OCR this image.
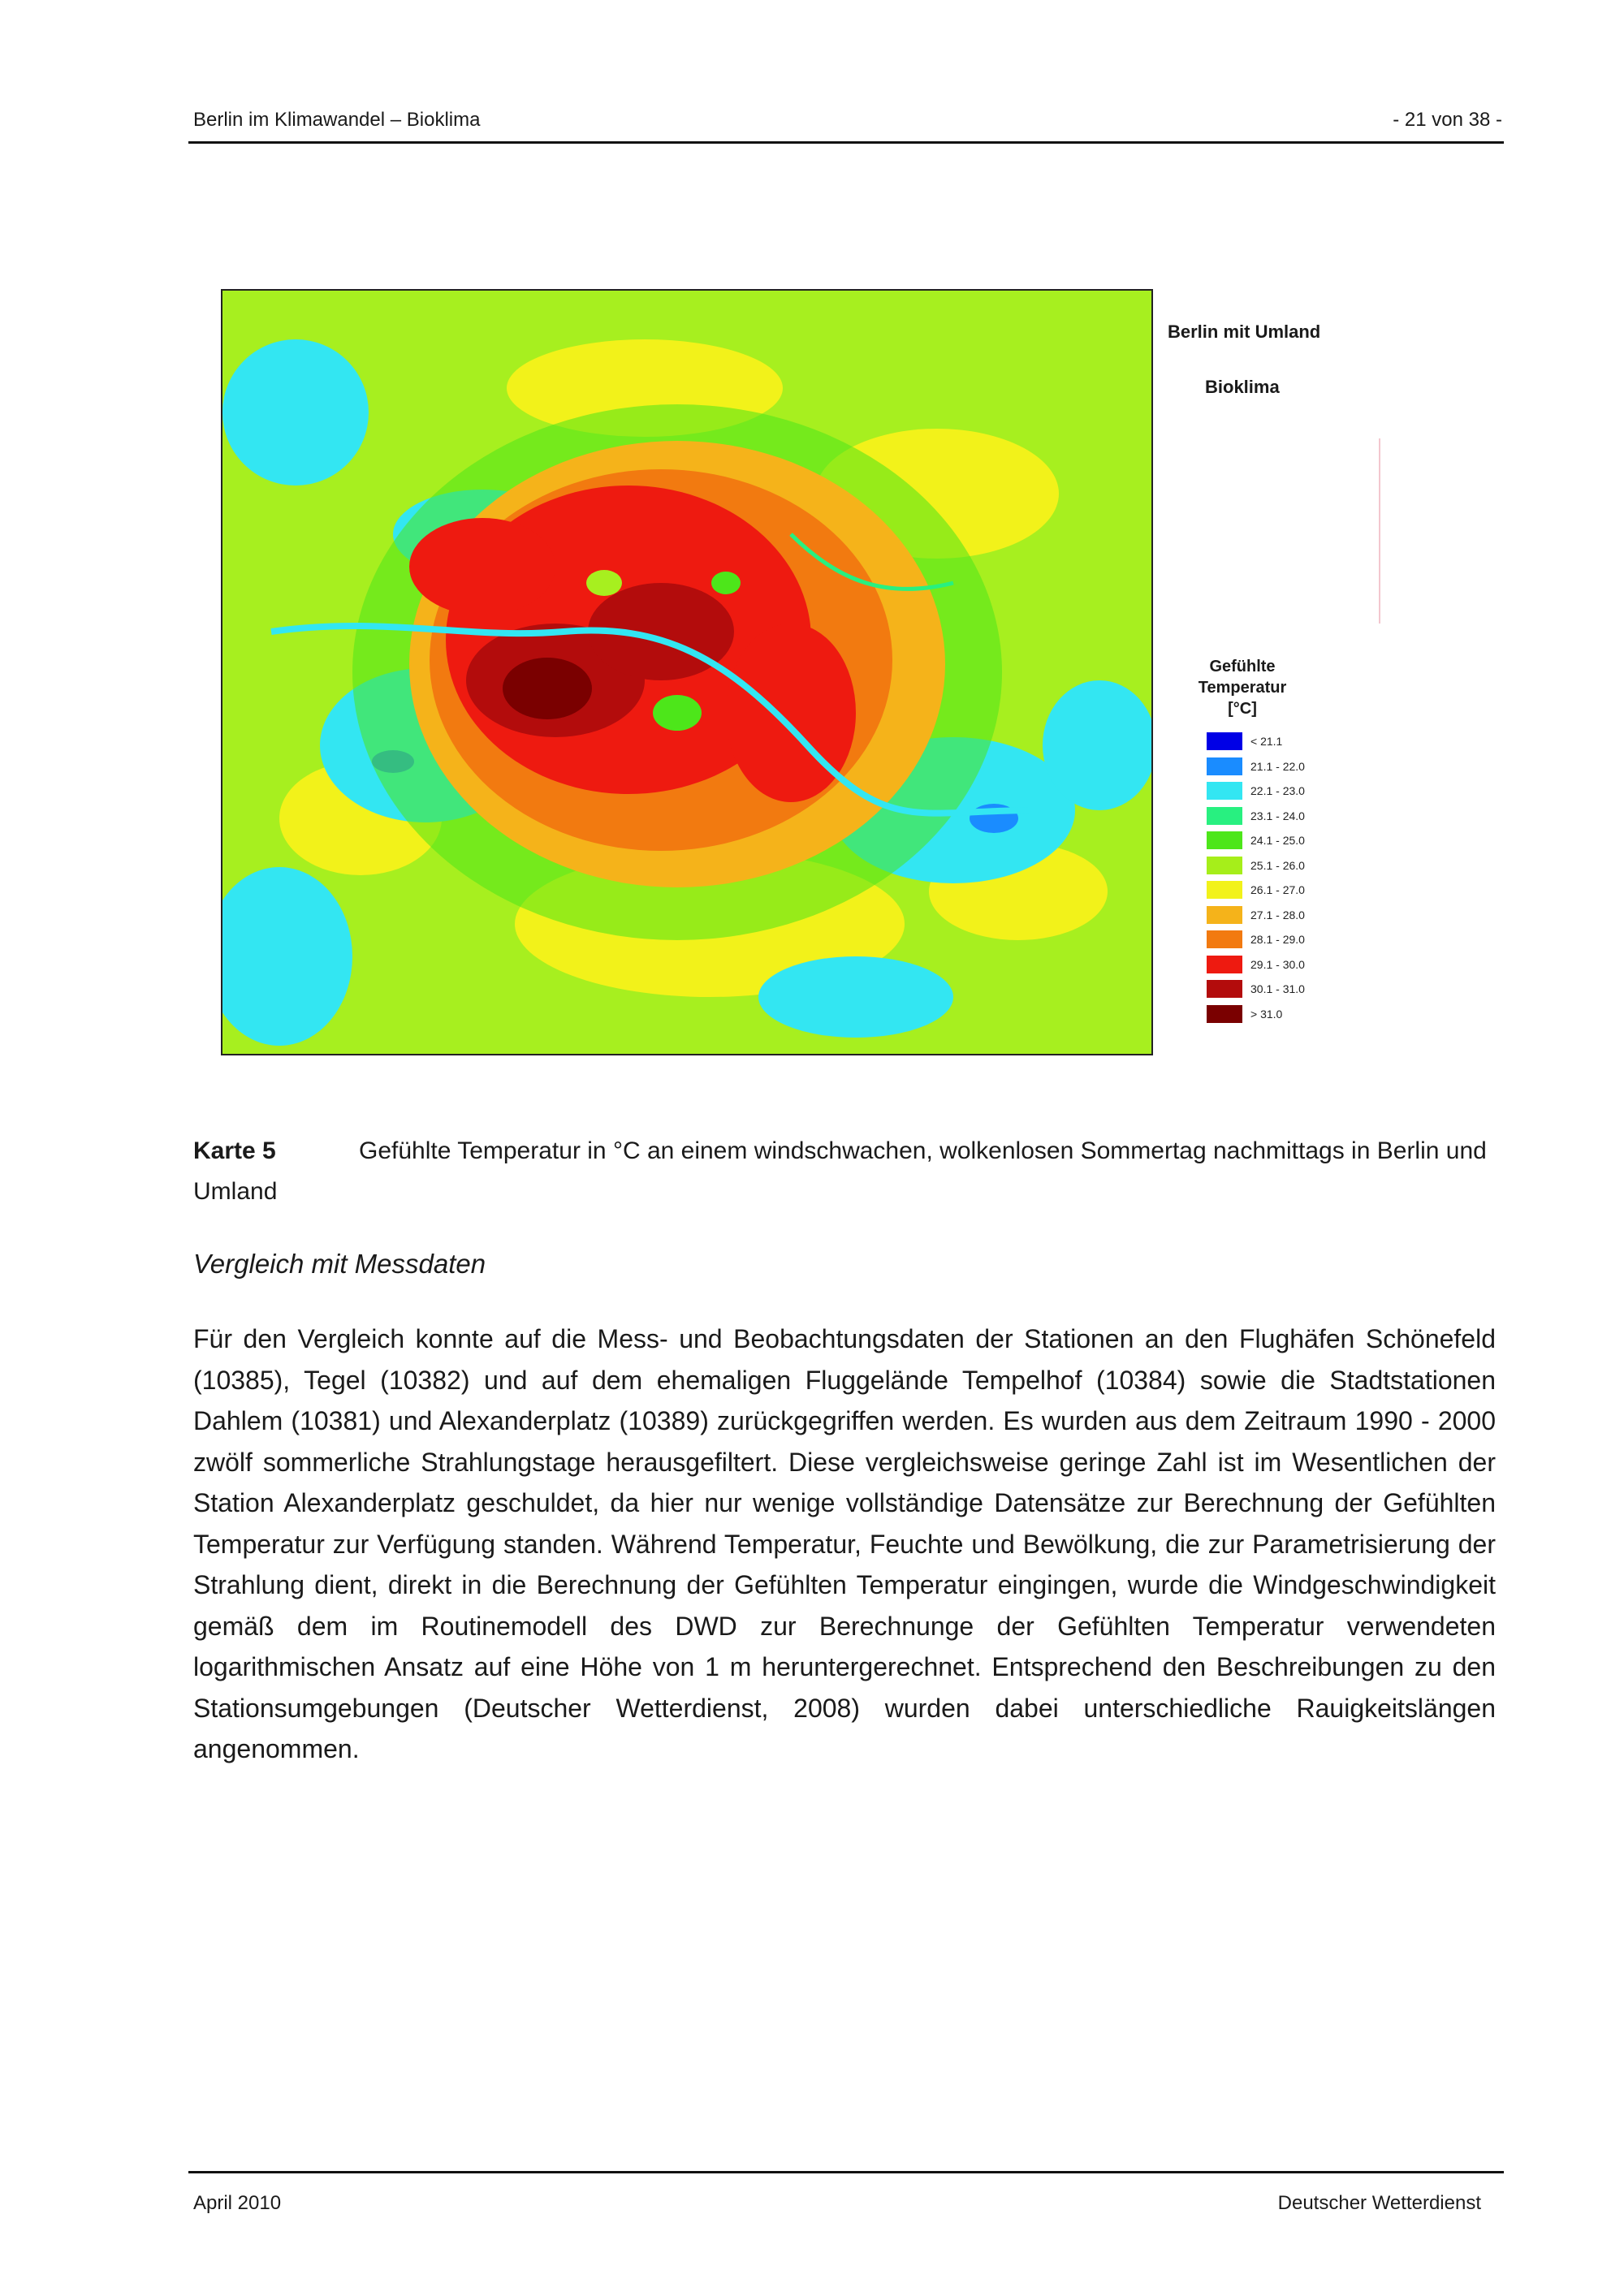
Berlin im Klimawandel – Bioklima	- 21 von 38 -
Berlin mit Umland
Bioklima
Gefühlte
Temperatur
[°C]
< 21.1
21.1 - 22.0
22.1 - 23.0
23.1 - 24.0
24.1 - 25.0
25.1 - 26.0
26.1 - 27.0
27.1 - 28.0
28.1 - 29.0
29.1 - 30.0
30.1 - 31.0
> 31.0
Karte 5	Gefühlte Temperatur in °C an einem windschwachen, wolkenlosen Sommertag nachmittags in Berlin und Umland
Vergleich mit Messdaten
Für den Vergleich konnte auf die Mess- und Beobachtungsdaten der Stationen an den Flughäfen Schönefeld (10385), Tegel (10382) und auf dem ehemaligen Fluggelände Tempelhof (10384) sowie die Stadtstationen Dahlem (10381) und Alexanderplatz (10389) zurückgegriffen werden. Es wurden aus dem Zeitraum 1990 - 2000 zwölf sommerliche Strahlungstage herausgefiltert. Diese vergleichsweise geringe Zahl ist im Wesentlichen der Station Alexanderplatz geschuldet, da hier nur wenige vollständige Datensätze zur Berechnung der Gefühlten Temperatur zur Verfügung standen. Während Temperatur, Feuchte und Bewölkung, die zur Parametrisierung der Strahlung dient, direkt in die Berechnung der Gefühlten Temperatur eingingen, wurde die Windgeschwindigkeit gemäß dem im Routinemodell des DWD zur Berechnunge der Gefühlten Temperatur verwendeten logarithmischen Ansatz auf eine Höhe von 1 m heruntergerechnet. Entsprechend den Beschreibungen zu den Stationsumgebungen (Deutscher Wetterdienst, 2008) wurden dabei unterschiedliche Rauigkeitslängen angenommen.
April 2010	Deutscher Wetterdienst
